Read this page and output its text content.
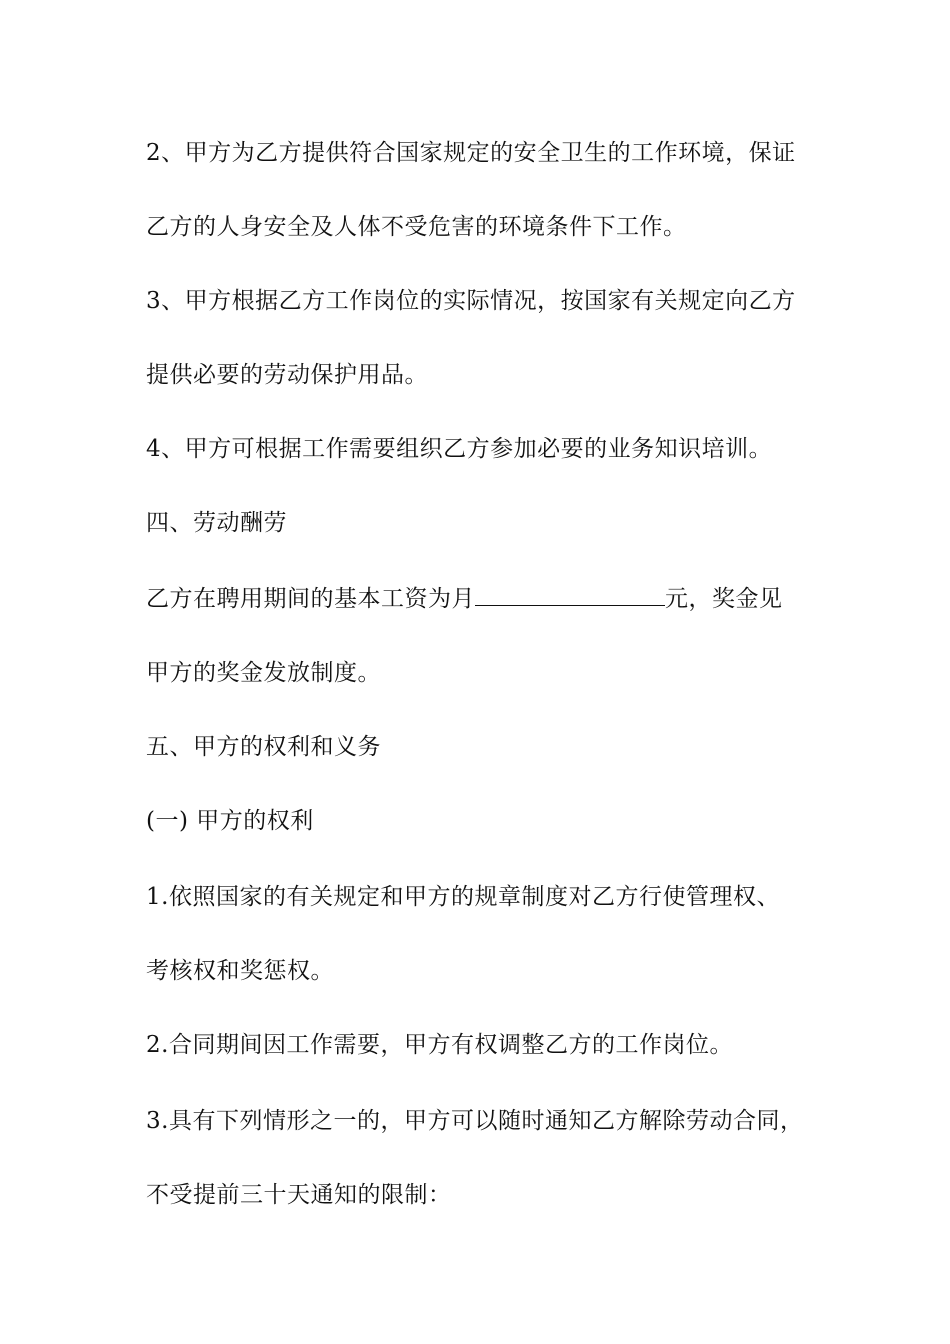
2、甲方为乙方提供符合国家规定的安全卫生的工作环境，保证
乙方的人身安全及人体不受危害的环境条件下工作。
3、甲方根据乙方工作岗位的实际情况，按国家有关规定向乙方
提供必要的劳动保护用品。
4、甲方可根据工作需要组织乙方参加必要的业务知识培训。
四、劳动酬劳
乙方在聘用期间的基本工资为月	元，奖金见
甲方的奖金发放制度。
五、甲方的权利和义务
(一) 甲方的权利
1.依照国家的有关规定和甲方的规章制度对乙方行使管理权、
考核权和奖惩权。
2.合同期间因工作需要，甲方有权调整乙方的工作岗位。
3.具有下列情形之一的，甲方可以随时通知乙方解除劳动合同，
不受提前三十天通知的限制：
